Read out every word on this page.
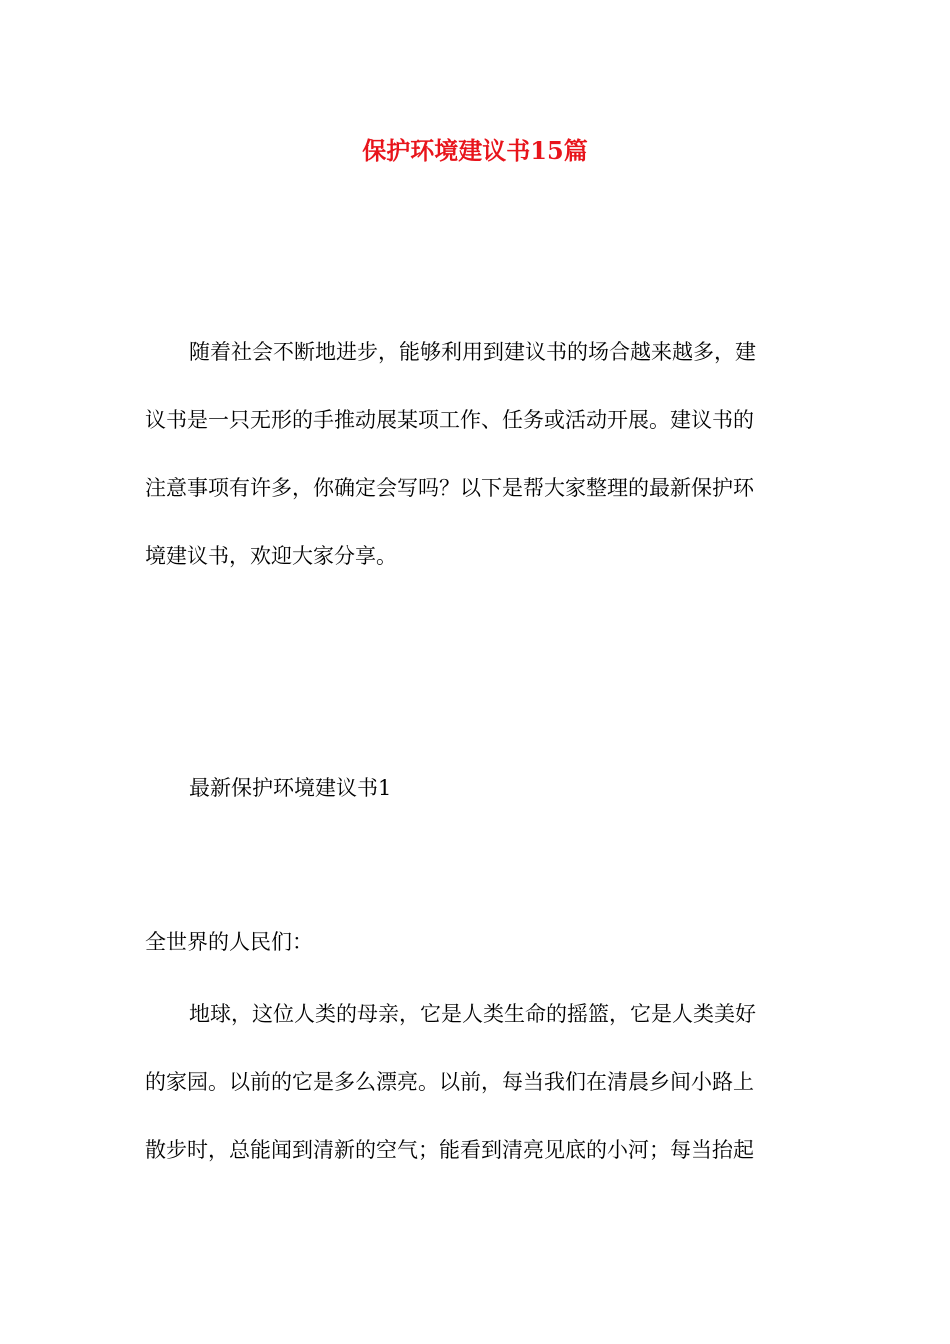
保护环境建议书15篇

随着社会不断地进步，能够利用到建议书的场合越来越多，建
议书是一只无形的手推动展某项工作、任务或活动开展。建议书的
注意事项有许多，你确定会写吗？以下是帮大家整理的最新保护环
境建议书，欢迎大家分享。

最新保护环境建议书1

全世界的人民们：

地球，这位人类的母亲，它是人类生命的摇篮，它是人类美好
的家园。以前的它是多么漂亮。以前，每当我们在清晨乡间小路上
散步时，总能闻到清新的空气；能看到清亮见底的小河；每当抬起
